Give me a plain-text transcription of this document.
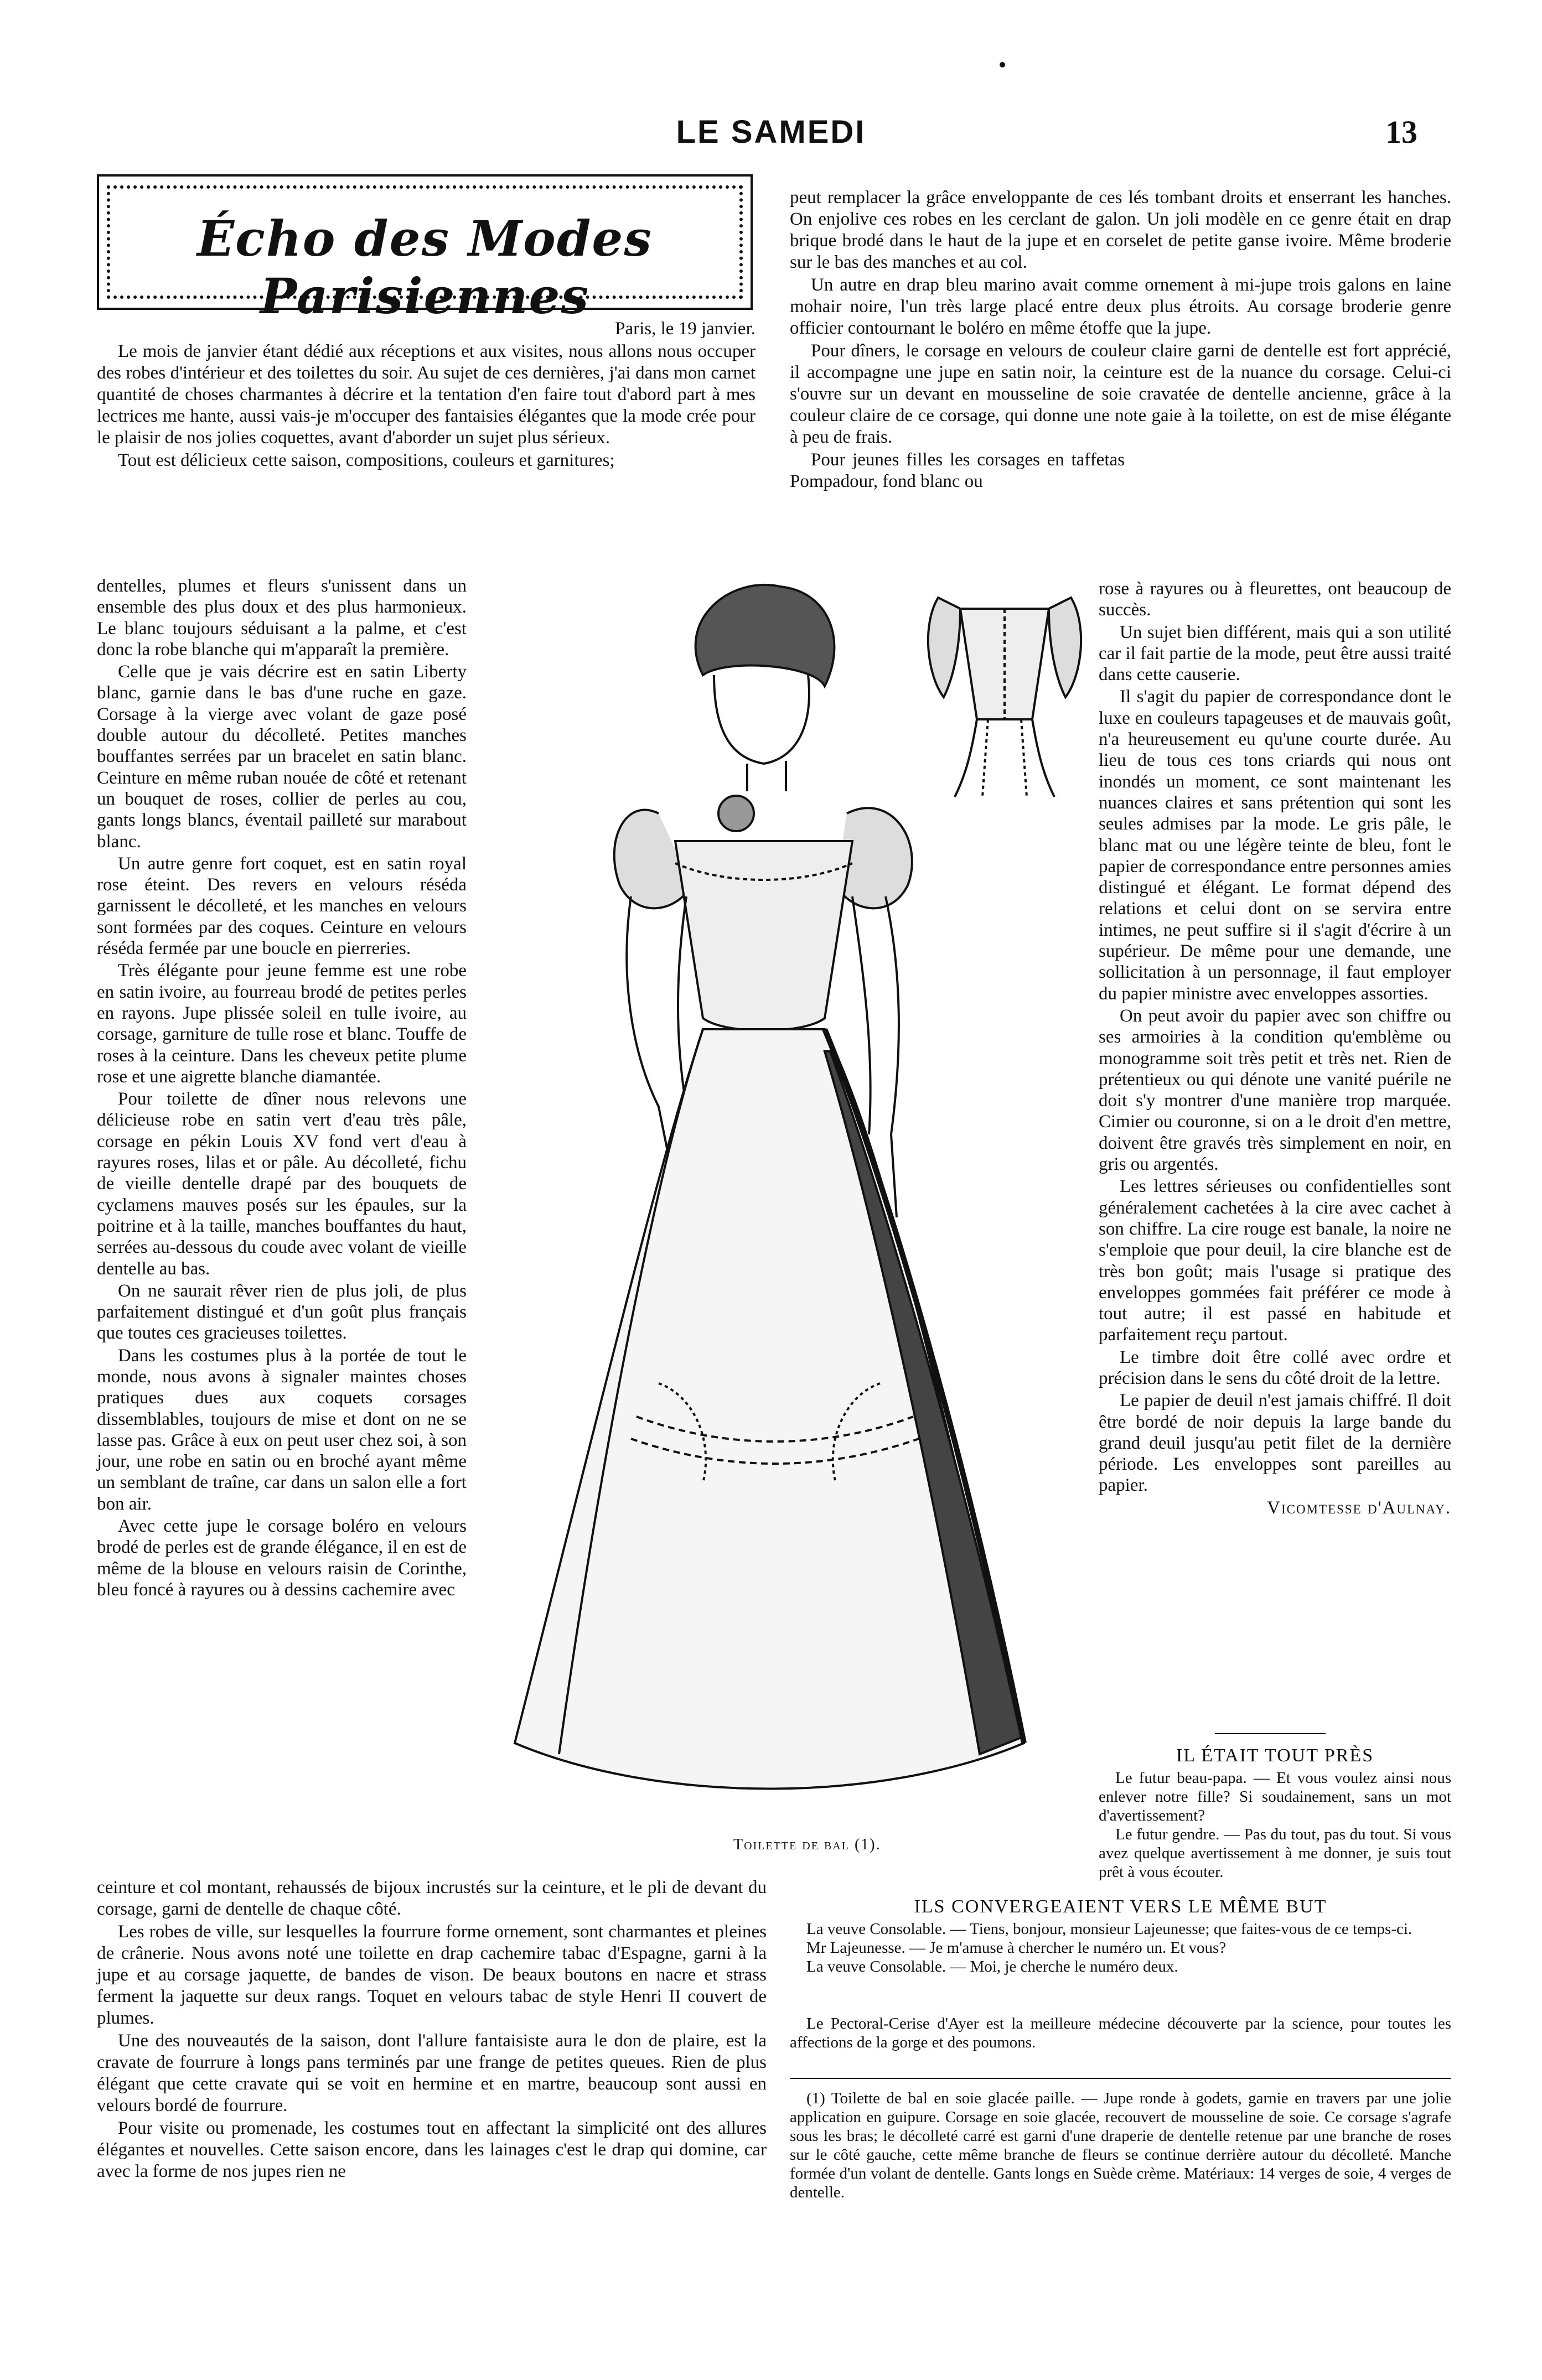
LE SAMEDI	13
Écho des Modes Parisiennes

Paris, le 19 janvier.

Le mois de janvier étant dédié aux réceptions et aux visites, nous allons nous occuper des robes d'intérieur et des toilettes du soir. Au sujet de ces dernières, j'ai dans mon carnet quantité de choses charmantes à décrire et la tentation d'en faire tout d'abord part à mes lectrices me hante, aussi vais-je m'occuper des fantaisies élégantes que la mode crée pour le plaisir de nos jolies coquettes, avant d'aborder un sujet plus sérieux.

Tout est délicieux cette saison, compositions, couleurs et garnitures;

dentelles, plumes et fleurs s'unissent dans un ensemble des plus doux et des plus harmonieux. Le blanc toujours séduisant a la palme, et c'est donc la robe blanche qui m'apparaît la première.

Celle que je vais décrire est en satin Liberty blanc, garnie dans le bas d'une ruche en gaze. Corsage à la vierge avec volant de gaze posé double autour du décolleté. Petites manches bouffantes serrées par un bracelet en satin blanc. Ceinture en même ruban nouée de côté et retenant un bouquet de roses, collier de perles au cou, gants longs blancs, éventail pailleté sur marabout blanc.

Un autre genre fort coquet, est en satin royal rose éteint. Des revers en velours réséda garnissent le décolleté, et les manches en velours sont formées par des coques. Ceinture en velours réséda fermée par une boucle en pierreries.

Très élégante pour jeune femme est une robe en satin ivoire, au fourreau brodé de petites perles en rayons. Jupe plissée soleil en tulle ivoire, au corsage, garniture de tulle rose et blanc. Touffe de roses à la ceinture. Dans les cheveux petite plume rose et une aigrette blanche diamantée.

Pour toilette de dîner nous relevons une délicieuse robe en satin vert d'eau très pâle, corsage en pékin Louis XV fond vert d'eau à rayures roses, lilas et or pâle. Au décolleté, fichu de vieille dentelle drapé par des bouquets de cyclamens mauves posés sur les épaules, sur la poitrine et à la taille, manches bouffantes du haut, serrées au-dessous du coude avec volant de vieille dentelle au bas.

On ne saurait rêver rien de plus joli, de plus parfaitement distingué et d'un goût plus français que toutes ces gracieuses toilettes.

Dans les costumes plus à la portée de tout le monde, nous avons à signaler maintes choses pratiques dues aux coquets corsages dissemblables, toujours de mise et dont on ne se lasse pas. Grâce à eux on peut user chez soi, à son jour, une robe en satin ou en broché ayant même un semblant de traîne, car dans un salon elle a fort bon air.

Avec cette jupe le corsage boléro en velours brodé de perles est de grande élégance, il en est de même de la blouse en velours raisin de Corinthe, bleu foncé à rayures ou à dessins cachemire avec

ceinture et col montant, rehaussés de bijoux incrustés sur la ceinture, et le pli de devant du corsage, garni de dentelle de chaque côté.

Les robes de ville, sur lesquelles la fourrure forme ornement, sont charmantes et pleines de crânerie. Nous avons noté une toilette en drap cachemire tabac d'Espagne, garni à la jupe et au corsage jaquette, de bandes de vison. De beaux boutons en nacre et strass ferment la jaquette sur deux rangs. Toquet en velours tabac de style Henri II couvert de plumes.

Une des nouveautés de la saison, dont l'allure fantaisiste aura le don de plaire, est la cravate de fourrure à longs pans terminés par une frange de petites queues. Rien de plus élégant que cette cravate qui se voit en hermine et en martre, beaucoup sont aussi en velours bordé de fourrure.

Pour visite ou promenade, les costumes tout en affectant la simplicité ont des allures élégantes et nouvelles. Cette saison encore, dans les lainages c'est le drap qui domine, car avec la forme de nos jupes rien ne

Toilette de bal (1).

peut remplacer la grâce enveloppante de ces lés tombant droits et enserrant les hanches. On enjolive ces robes en les cerclant de galon. Un joli modèle en ce genre était en drap brique brodé dans le haut de la jupe et en corselet de petite ganse ivoire. Même broderie sur le bas des manches et au col.

Un autre en drap bleu marino avait comme ornement à mi-jupe trois galons en laine mohair noire, l'un très large placé entre deux plus étroits. Au corsage broderie genre officier contournant le boléro en même étoffe que la jupe.

Pour dîners, le corsage en velours de couleur claire garni de dentelle est fort apprécié, il accompagne une jupe en satin noir, la ceinture est de la nuance du corsage. Celui-ci s'ouvre sur un devant en mousseline de soie cravatée de dentelle ancienne, grâce à la couleur claire de ce corsage, qui donne une note gaie à la toilette, on est de mise élégante à peu de frais.

Pour jeunes filles les corsages en taffetas Pompadour, fond blanc ou

rose à rayures ou à fleurettes, ont beaucoup de succès.

Un sujet bien différent, mais qui a son utilité car il fait partie de la mode, peut être aussi traité dans cette causerie.

Il s'agit du papier de correspondance dont le luxe en couleurs tapageuses et de mauvais goût, n'a heureusement eu qu'une courte durée. Au lieu de tous ces tons criards qui nous ont inondés un moment, ce sont maintenant les nuances claires et sans prétention qui sont les seules admises par la mode. Le gris pâle, le blanc mat ou une légère teinte de bleu, font le papier de correspondance entre personnes amies distingué et élégant. Le format dépend des relations et celui dont on se servira entre intimes, ne peut suffire si il s'agit d'écrire à un supérieur. De même pour une demande, une sollicitation à un personnage, il faut employer du papier ministre avec enveloppes assorties.

On peut avoir du papier avec son chiffre ou ses armoiries à la condition qu'emblème ou monogramme soit très petit et très net. Rien de prétentieux ou qui dénote une vanité puérile ne doit s'y montrer d'une manière trop marquée. Cimier ou couronne, si on a le droit d'en mettre, doivent être gravés très simplement en noir, en gris ou argentés.

Les lettres sérieuses ou confidentielles sont généralement cachetées à la cire avec cachet à son chiffre. La cire rouge est banale, la noire ne s'emploie que pour deuil, la cire blanche est de très bon goût; mais l'usage si pratique des enveloppes gommées fait préférer ce mode à tout autre; il est passé en habitude et parfaitement reçu partout.

Le timbre doit être collé avec ordre et précision dans le sens du côté droit de la lettre.

Le papier de deuil n'est jamais chiffré. Il doit être bordé de noir depuis la large bande du grand deuil jusqu'au petit filet de la dernière période. Les enveloppes sont pareilles au papier.

Vicomtesse d'Aulnay.

IL ÉTAIT TOUT PRÈS

Le futur beau-papa. — Et vous voulez ainsi nous enlever notre fille? Si soudainement, sans un mot d'avertissement?

Le futur gendre. — Pas du tout, pas du tout. Si vous avez quelque avertissement à me donner, je suis tout prêt à vous écouter.

ILS CONVERGEAIENT VERS LE MÊME BUT

La veuve Consolable. — Tiens, bonjour, monsieur Lajeunesse; que faites-vous de ce temps-ci.

Mr Lajeunesse. — Je m'amuse à chercher le numéro un. Et vous?

La veuve Consolable. — Moi, je cherche le numéro deux.

Le Pectoral-Cerise d'Ayer est la meilleure médecine découverte par la science, pour toutes les affections de la gorge et des poumons.

(1) Toilette de bal en soie glacée paille. — Jupe ronde à godets, garnie en travers par une jolie application en guipure. Corsage en soie glacée, recouvert de mousseline de soie. Ce corsage s'agrafe sous les bras; le décolleté carré est garni d'une draperie de dentelle retenue par une branche de roses sur le côté gauche, cette même branche de fleurs se continue derrière autour du décolleté. Manche formée d'un volant de dentelle. Gants longs en Suède crème. Matériaux: 14 verges de soie, 4 verges de dentelle.
